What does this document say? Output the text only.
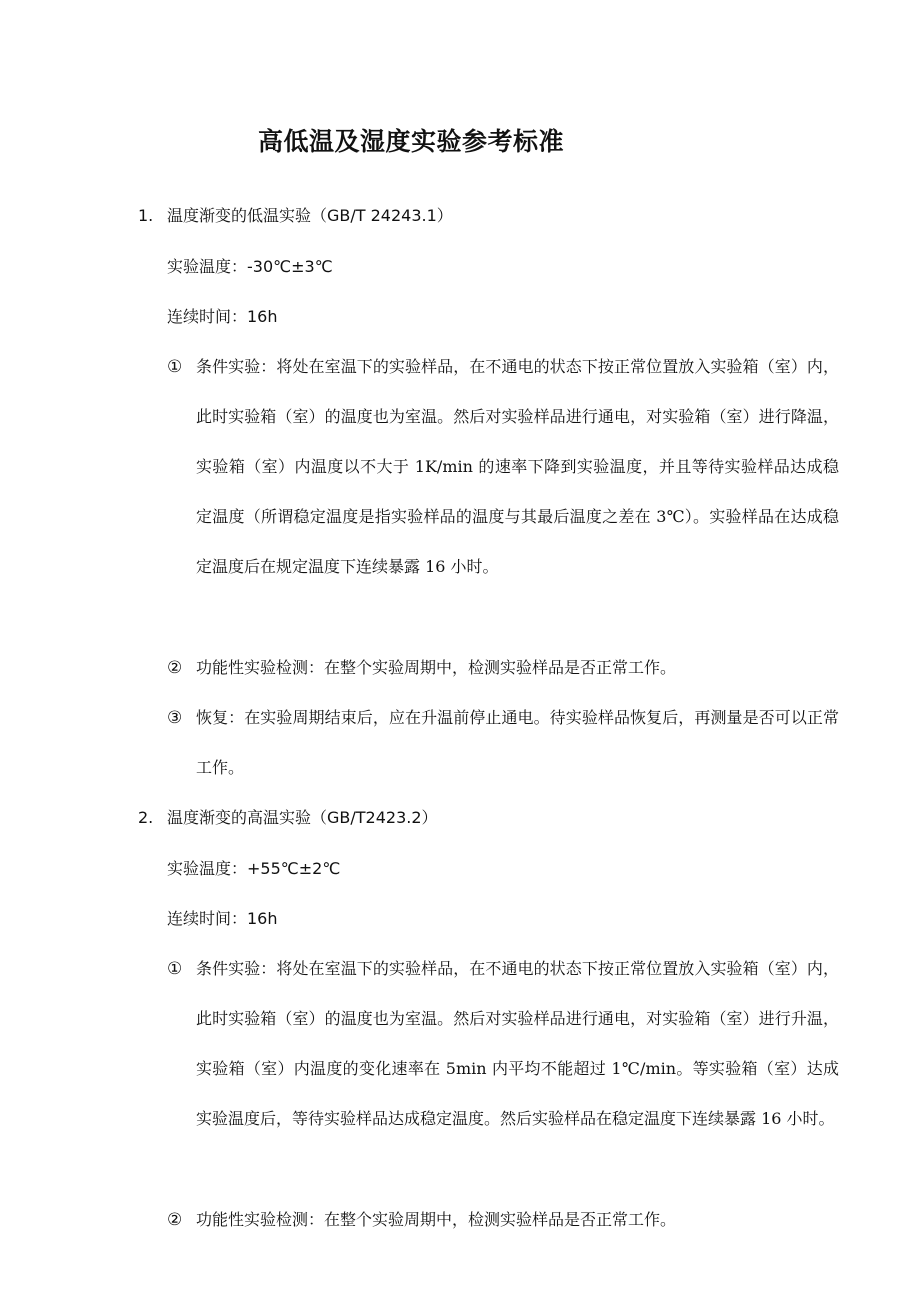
高低温及湿度实验参考标准
1. 温度渐变的低温实验（GB/T 24243.1）
实验温度：-30℃±3℃
连续时间：16h
① 条件实验：将处在室温下的实验样品，在不通电的状态下按正常位置放入实验箱（室）内，此时实验箱（室）的温度也为室温。然后对实验样品进行通电，对实验箱（室）进行降温，实验箱（室）内温度以不大于 1K/min 的速率下降到实验温度，并且等待实验样品达成稳定温度（所谓稳定温度是指实验样品的温度与其最后温度之差在 3℃）。实验样品在达成稳定温度后在规定温度下连续暴露 16 小时。
② 功能性实验检测：在整个实验周期中，检测实验样品是否正常工作。
③ 恢复：在实验周期结束后，应在升温前停止通电。待实验样品恢复后，再测量是否可以正常工作。
2. 温度渐变的高温实验（GB/T2423.2）
实验温度：+55℃±2℃
连续时间：16h
① 条件实验：将处在室温下的实验样品，在不通电的状态下按正常位置放入实验箱（室）内，此时实验箱（室）的温度也为室温。然后对实验样品进行通电，对实验箱（室）进行升温，实验箱（室）内温度的变化速率在 5min 内平均不能超过 1℃/min。等实验箱（室）达成实验温度后，等待实验样品达成稳定温度。然后实验样品在稳定温度下连续暴露 16 小时。
② 功能性实验检测：在整个实验周期中，检测实验样品是否正常工作。
